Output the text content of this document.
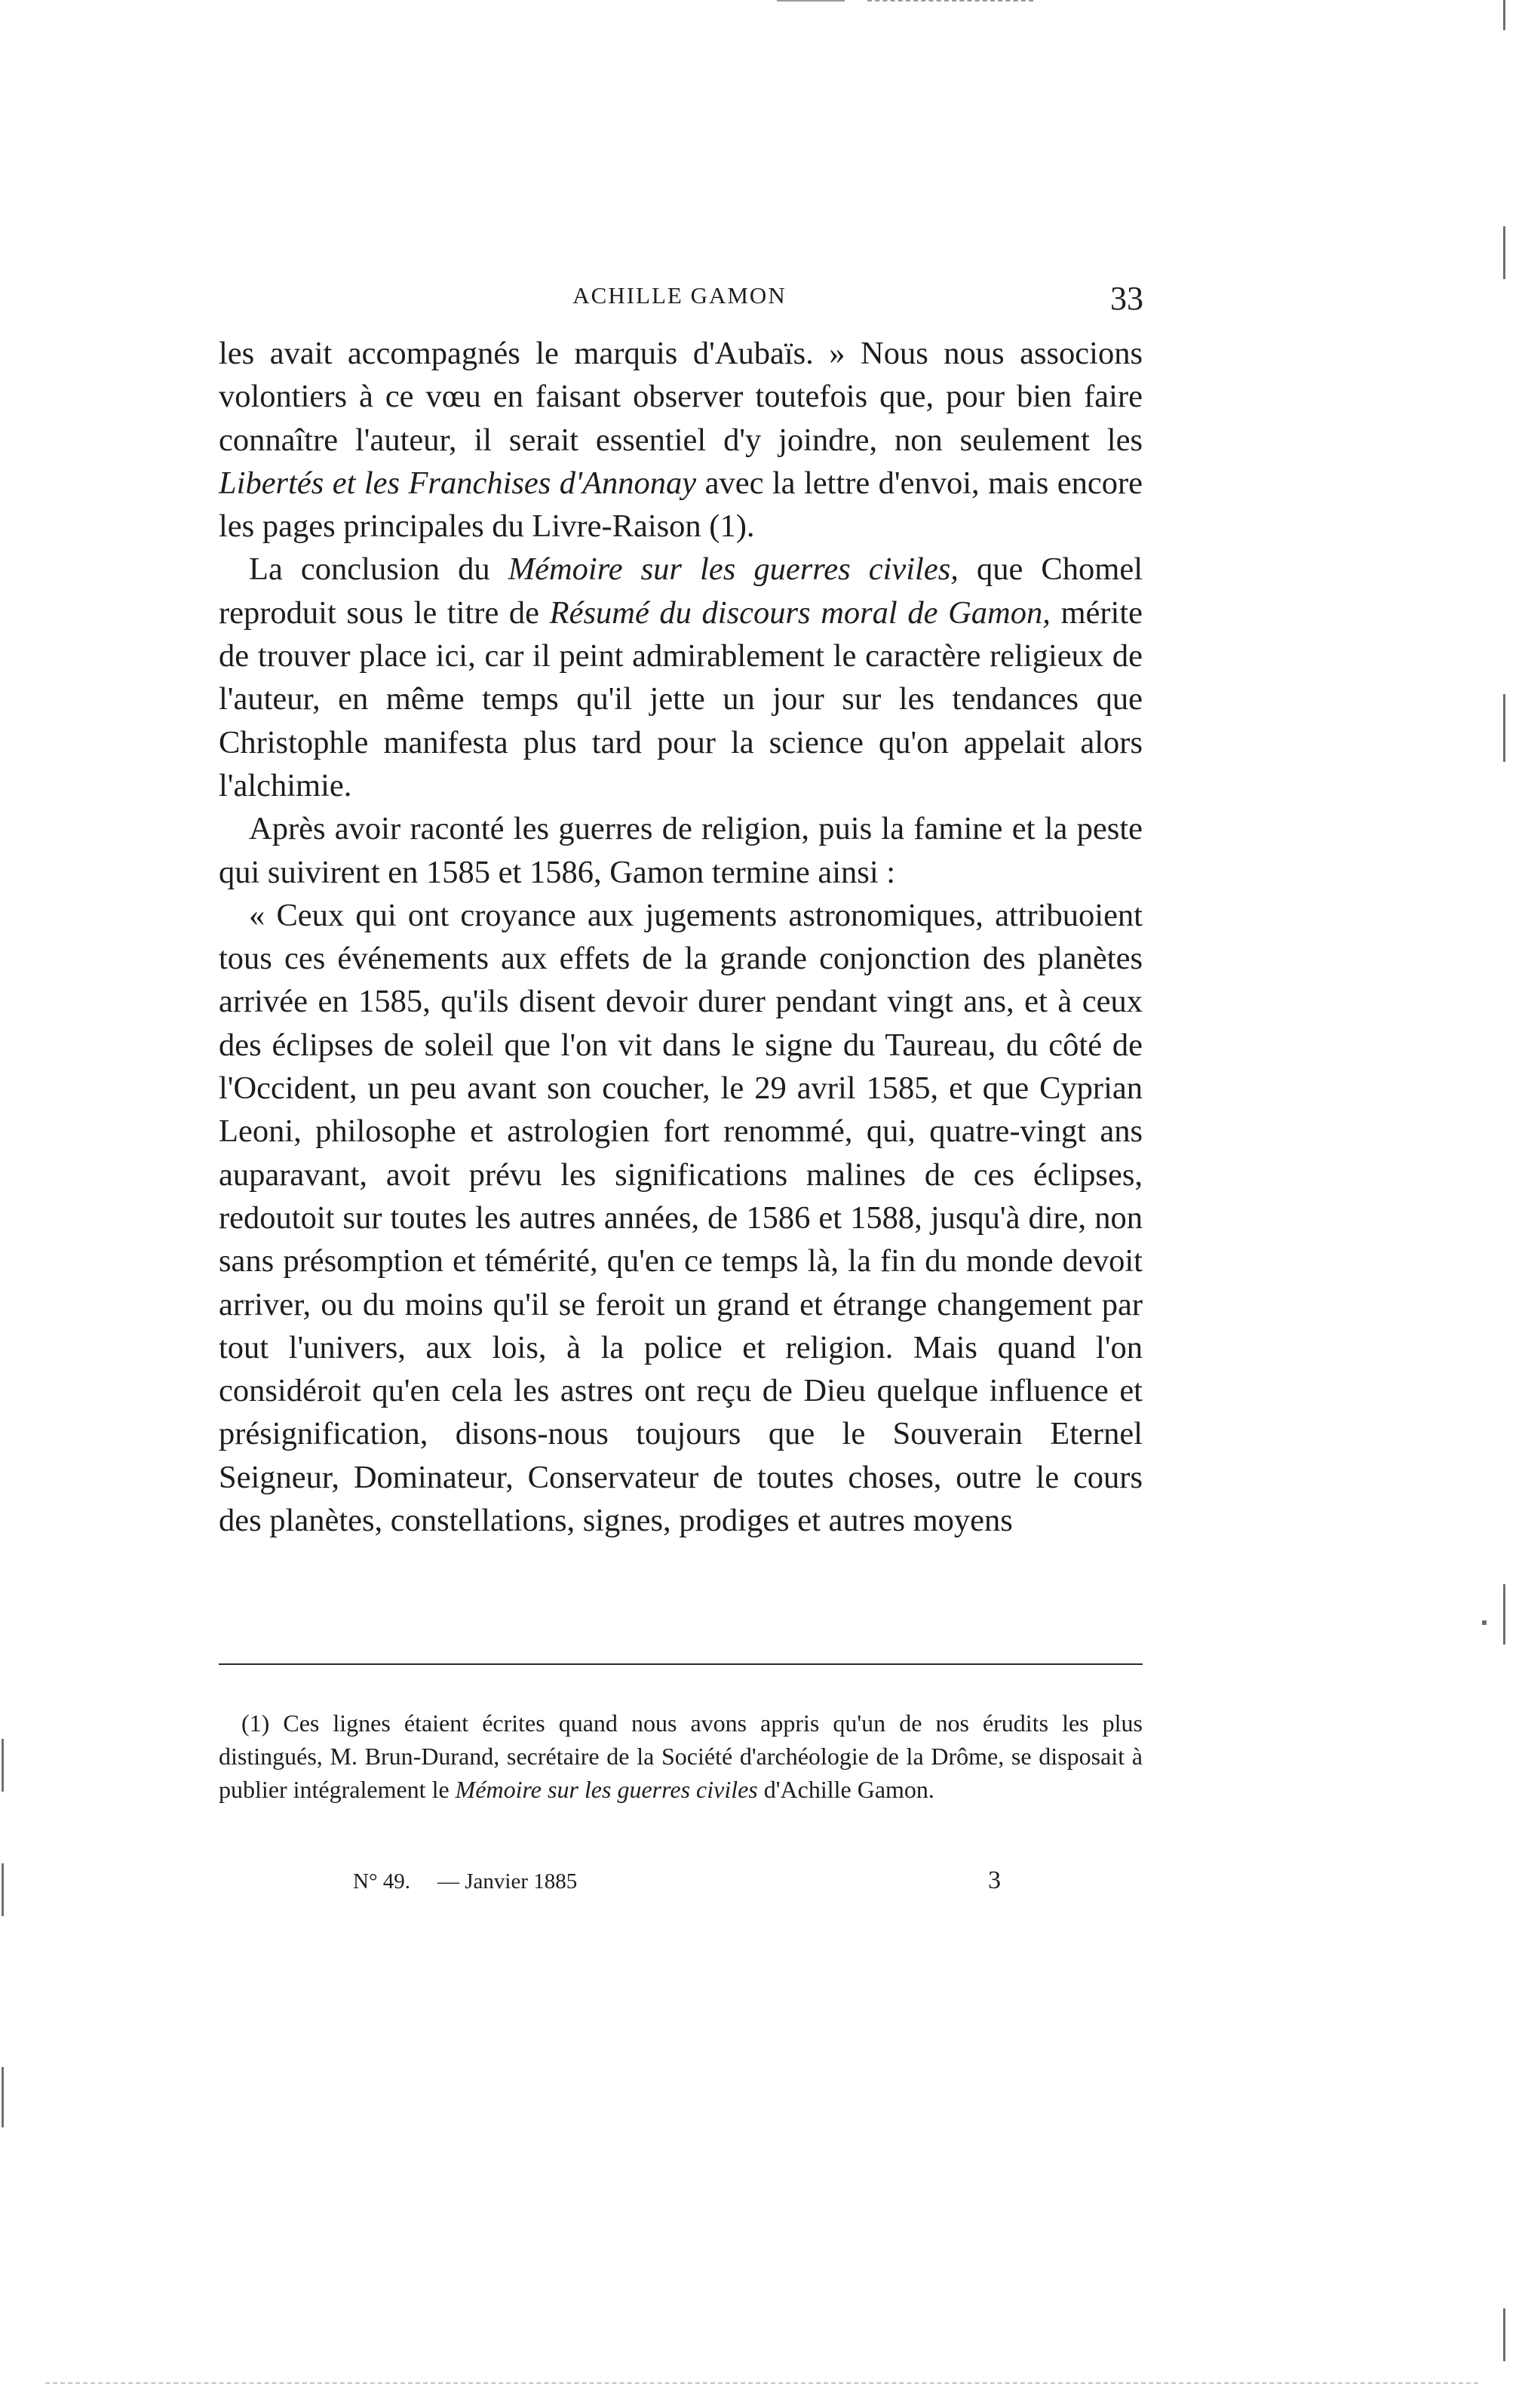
ACHILLE GAMON	33

les avait accompagnés le marquis d'Aubaïs. » Nous nous associons volontiers à ce vœu en faisant observer toutefois que, pour bien faire connaître l'auteur, il serait essentiel d'y joindre, non seulement les Libertés et les Franchises d'Annonay avec la lettre d'envoi, mais encore les pages principales du Livre-Raison (1).

La conclusion du Mémoire sur les guerres civiles, que Chomel reproduit sous le titre de Résumé du discours moral de Gamon, mérite de trouver place ici, car il peint admirablement le caractère religieux de l'auteur, en même temps qu'il jette un jour sur les tendances que Christophle manifesta plus tard pour la science qu'on appelait alors l'alchimie.

Après avoir raconté les guerres de religion, puis la famine et la peste qui suivirent en 1585 et 1586, Gamon termine ainsi :

« Ceux qui ont croyance aux jugements astronomiques, attribuoient tous ces événements aux effets de la grande conjonction des planètes arrivée en 1585, qu'ils disent devoir durer pendant vingt ans, et à ceux des éclipses de soleil que l'on vit dans le signe du Taureau, du côté de l'Occident, un peu avant son coucher, le 29 avril 1585, et que Cyprian Leoni, philosophe et astrologien fort renommé, qui, quatre-vingt ans auparavant, avoit prévu les significations malines de ces éclipses, redoutoit sur toutes les autres années, de 1586 et 1588, jusqu'à dire, non sans présomption et témérité, qu'en ce temps là, la fin du monde devoit arriver, ou du moins qu'il se feroit un grand et étrange changement par tout l'univers, aux lois, à la police et religion. Mais quand l'on considéroit qu'en cela les astres ont reçu de Dieu quelque influence et présignification, disons-nous toujours que le Souverain Eternel Seigneur, Dominateur, Conservateur de toutes choses, outre le cours des planètes, constellations, signes, prodiges et autres moyens

(1) Ces lignes étaient écrites quand nous avons appris qu'un de nos érudits les plus distingués, M. Brun-Durand, secrétaire de la Société d'archéologie de la Drôme, se disposait à publier intégralement le Mémoire sur les guerres civiles d'Achille Gamon.

N° 49. — Janvier 1885	3
